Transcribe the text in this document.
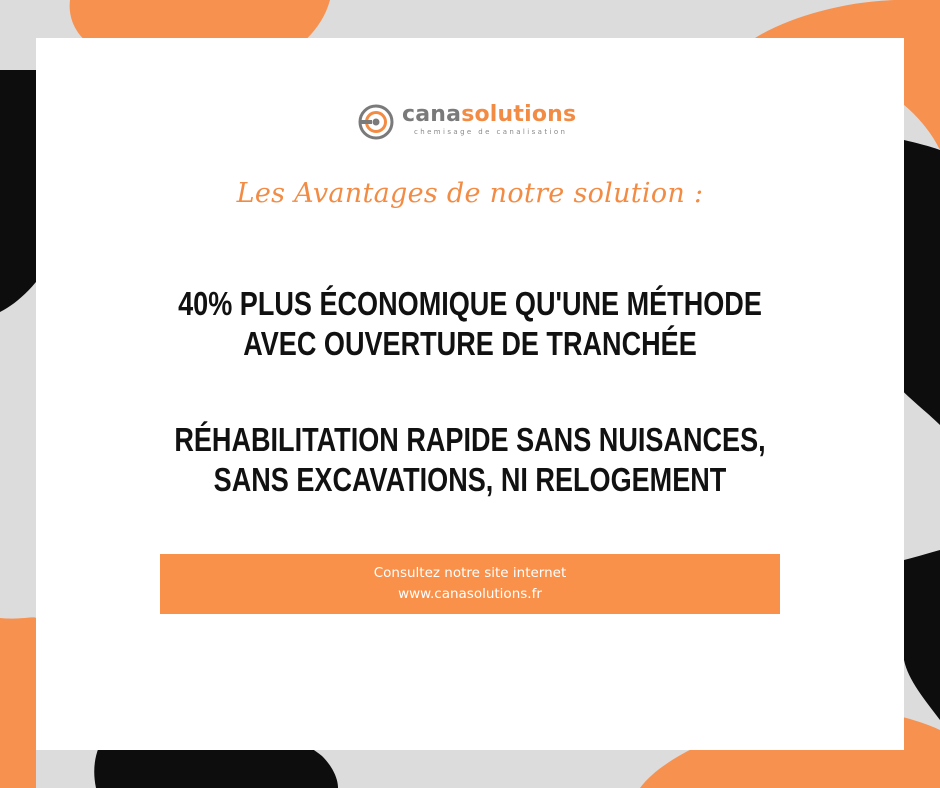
canasolutions
chemisage de canalisation
Les Avantages de notre solution :
40% PLUS ÉCONOMIQUE QU'UNE MÉTHODE AVEC OUVERTURE DE TRANCHÉE
RÉHABILITATION RAPIDE SANS NUISANCES, SANS EXCAVATIONS, NI RELOGEMENT
Consultez notre site internet
www.canasolutions.fr
